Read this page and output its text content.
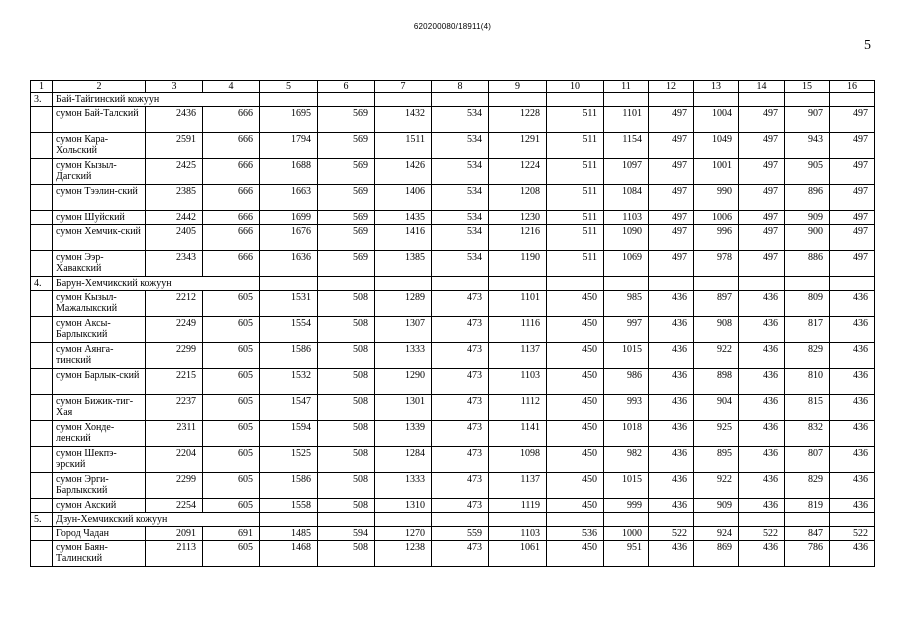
620200080/18911(4)
5
1	2	3	4	5	6	7	8	9	10	11	12	13	14	15	16
3.	Бай-Тайгинский кожуун														
	сумон Бай-Талский	2436	666	1695	569	1432	534	1228	511	1101	497	1004	497	907	497
	сумон Кара-Хольский	2591	666	1794	569	1511	534	1291	511	1154	497	1049	497	943	497
	сумон Кызыл-Дагский	2425	666	1688	569	1426	534	1224	511	1097	497	1001	497	905	497
	сумон Тээлин-ский	2385	666	1663	569	1406	534	1208	511	1084	497	990	497	896	497
	сумон Шуйский	2442	666	1699	569	1435	534	1230	511	1103	497	1006	497	909	497
	сумон Хемчик-ский	2405	666	1676	569	1416	534	1216	511	1090	497	996	497	900	497
	сумон Ээр-Хавакский	2343	666	1636	569	1385	534	1190	511	1069	497	978	497	886	497
4.	Барун-Хемчикский кожуун														
	сумон Кызыл-Мажалыкский	2212	605	1531	508	1289	473	1101	450	985	436	897	436	809	436
	сумон Аксы-Барлыкский	2249	605	1554	508	1307	473	1116	450	997	436	908	436	817	436
	сумон Аянга-тинский	2299	605	1586	508	1333	473	1137	450	1015	436	922	436	829	436
	сумон Барлык-ский	2215	605	1532	508	1290	473	1103	450	986	436	898	436	810	436
	сумон Бижик-тиг-Хая	2237	605	1547	508	1301	473	1112	450	993	436	904	436	815	436
	сумон Хонде-ленский	2311	605	1594	508	1339	473	1141	450	1018	436	925	436	832	436
	сумон Шекпэ-эрский	2204	605	1525	508	1284	473	1098	450	982	436	895	436	807	436
	сумон Эрги-Барлыкский	2299	605	1586	508	1333	473	1137	450	1015	436	922	436	829	436
	сумон Акский	2254	605	1558	508	1310	473	1119	450	999	436	909	436	819	436
5.	Дзун-Хемчикский кожуун														
	Город Чадан	2091	691	1485	594	1270	559	1103	536	1000	522	924	522	847	522
	сумон Баян-Талинский	2113	605	1468	508	1238	473	1061	450	951	436	869	436	786	436
